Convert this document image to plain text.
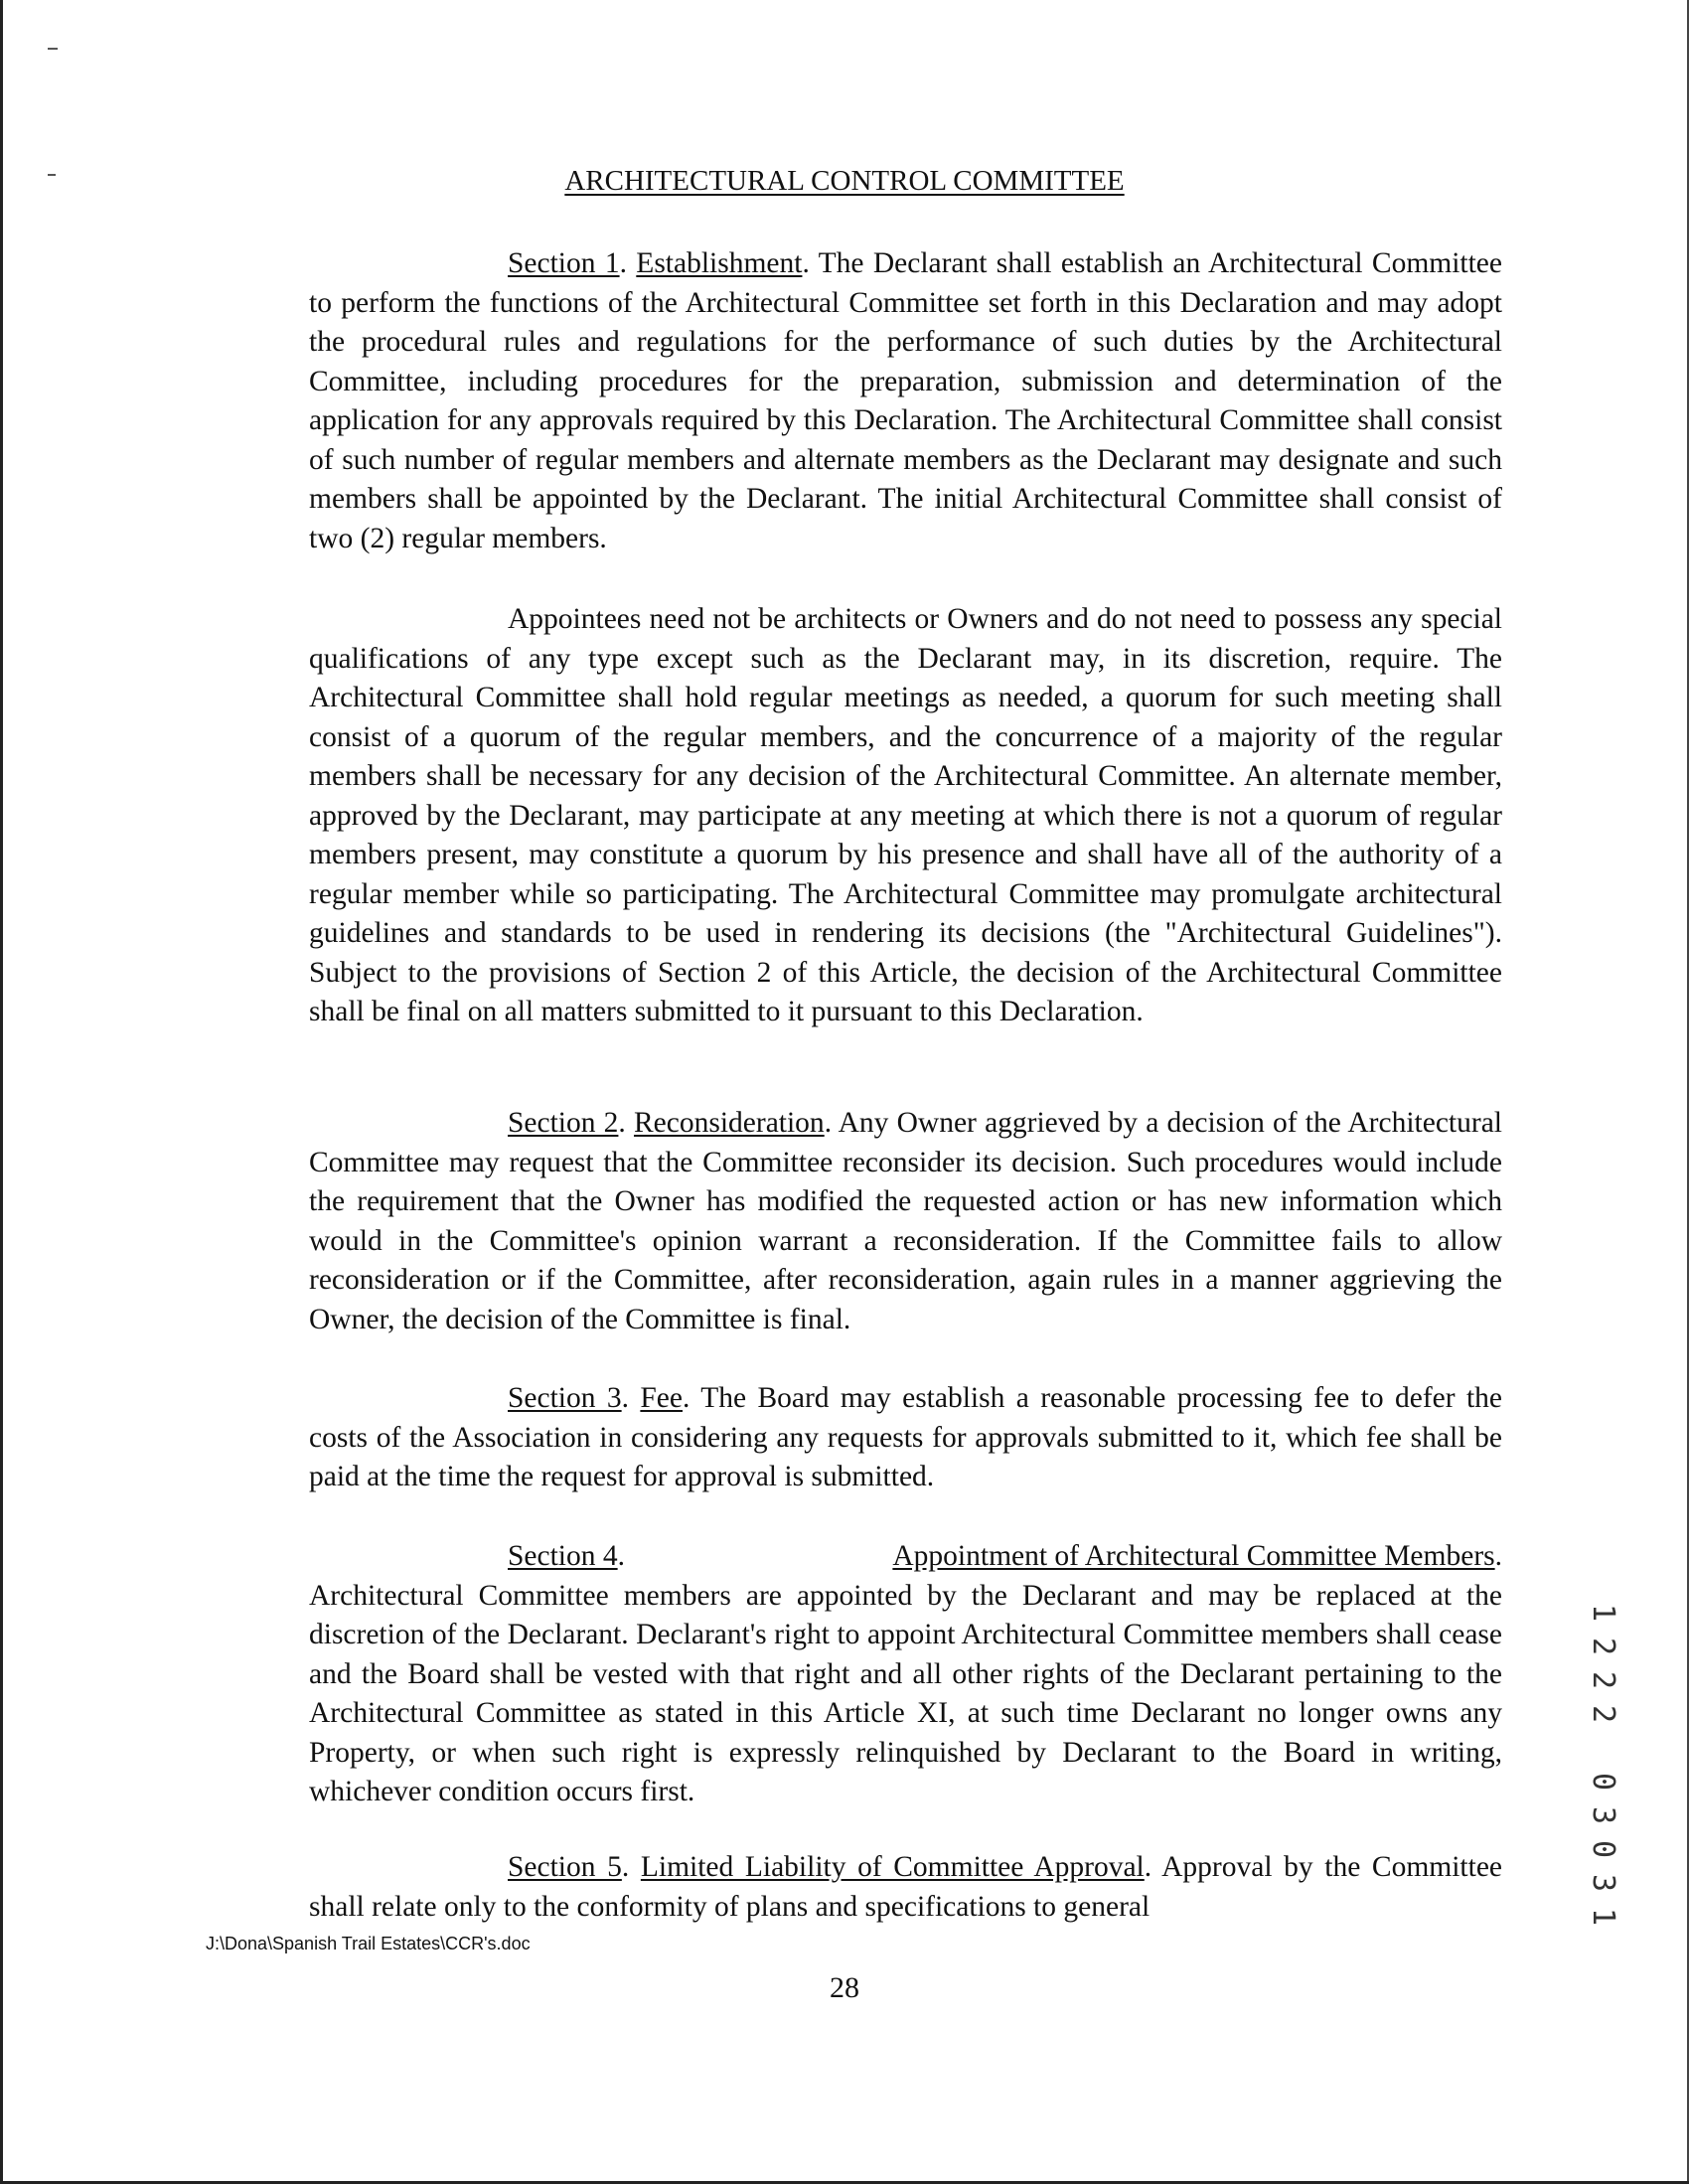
ARCHITECTURAL CONTROL COMMITTEE

Section 1. Establishment. The Declarant shall establish an Architectural Committee to perform the functions of the Architectural Committee set forth in this Declaration and may adopt the procedural rules and regulations for the performance of such duties by the Architectural Committee, including procedures for the preparation, submission and determination of the application for any approvals required by this Declaration. The Architectural Committee shall consist of such number of regular members and alternate members as the Declarant may designate and such members shall be appointed by the Declarant. The initial Architectural Committee shall consist of two (2) regular members.

Appointees need not be architects or Owners and do not need to possess any special qualifications of any type except such as the Declarant may, in its discretion, require. The Architectural Committee shall hold regular meetings as needed, a quorum for such meeting shall consist of a quorum of the regular members, and the concurrence of a majority of the regular members shall be necessary for any decision of the Architectural Committee. An alternate member, approved by the Declarant, may participate at any meeting at which there is not a quorum of regular members present, may constitute a quorum by his presence and shall have all of the authority of a regular member while so participating. The Architectural Committee may promulgate architectural guidelines and standards to be used in rendering its decisions (the "Architectural Guidelines"). Subject to the provisions of Section 2 of this Article, the decision of the Architectural Committee shall be final on all matters submitted to it pursuant to this Declaration.

Section 2. Reconsideration. Any Owner aggrieved by a decision of the Architectural Committee may request that the Committee reconsider its decision. Such procedures would include the requirement that the Owner has modified the requested action or has new information which would in the Committee's opinion warrant a reconsideration. If the Committee fails to allow reconsideration or if the Committee, after reconsideration, again rules in a manner aggrieving the Owner, the decision of the Committee is final.

Section 3. Fee. The Board may establish a reasonable processing fee to defer the costs of the Association in considering any requests for approvals submitted to it, which fee shall be paid at the time the request for approval is submitted.

Section 4.	Appointment of Architectural Committee Members.

Architectural Committee members are appointed by the Declarant and may be replaced at the discretion of the Declarant. Declarant's right to appoint Architectural Committee members shall cease and the Board shall be vested with that right and all other rights of the Declarant pertaining to the Architectural Committee as stated in this Article XI, at such time Declarant no longer owns any Property, or when such right is expressly relinquished by Declarant to the Board in writing, whichever condition occurs first.

Section 5. Limited Liability of Committee Approval. Approval by the Committee shall relate only to the conformity of plans and specifications to general

J:\Dona\Spanish Trail Estates\CCR's.doc
28
1
2
2
2

0
3
0
3
1
